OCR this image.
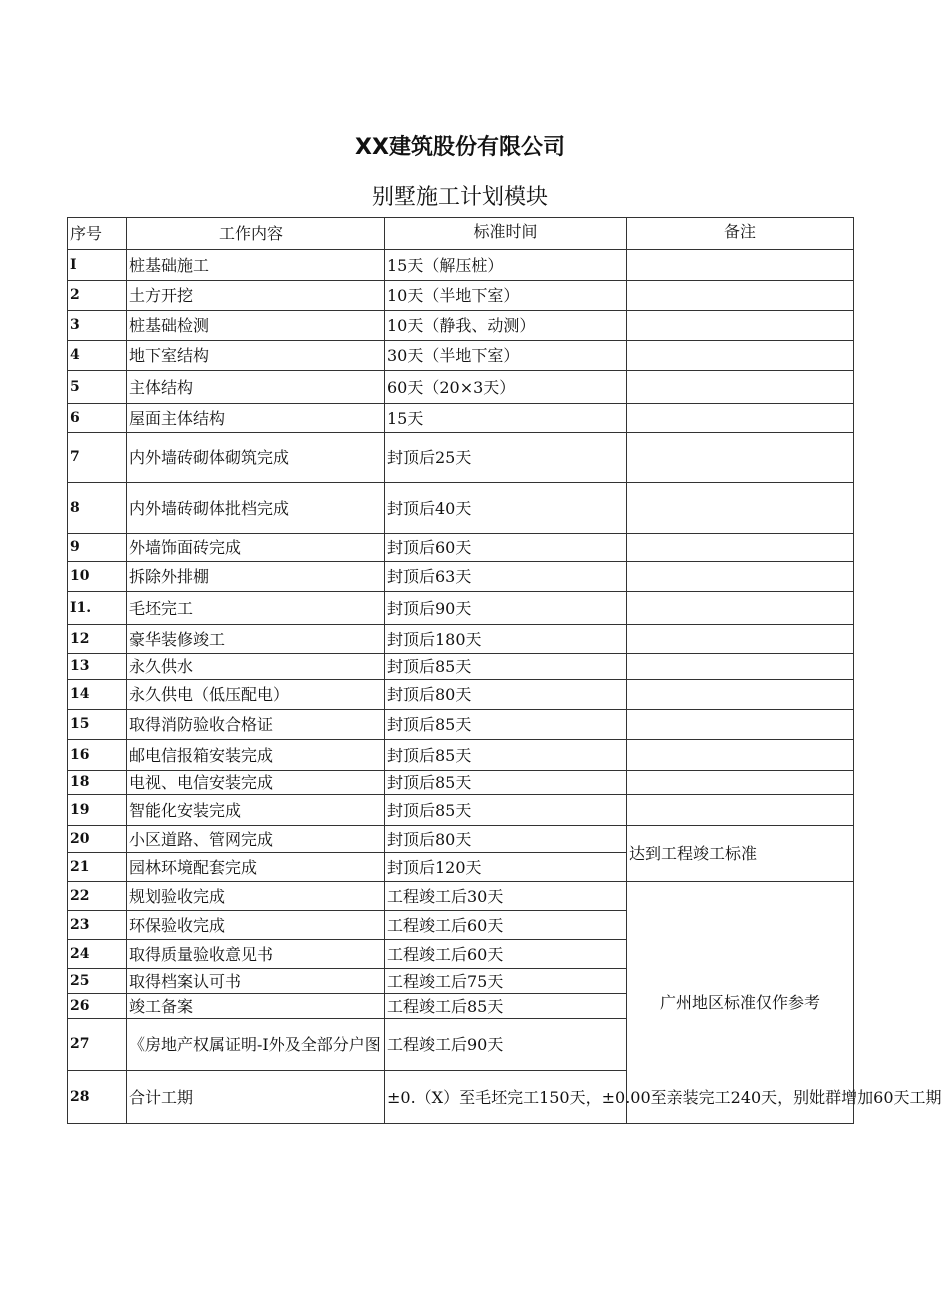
XX建筑股份有限公司
别墅施工计划模块
序号	工作内容	标准时间	备注
I	桩基础施工	15天（解压桩）	
2	土方开挖	10天（半地下室）	
3	桩基础检测	10天（静我、动测）	
4	地下室结构	30天（半地下室）	
5	主体结构	60天（20×3天）	
6	屋面主体结构	15天	
7	内外墙砖砌体砌筑完成	封顶后25天	
8	内外墙砖砌体批档完成	封顶后40天	
9	外墙饰面砖完成	封顶后60天	
10	拆除外排棚	封顶后63天	
I1.	毛坯完工	封顶后90天	
12	豪华装修竣工	封顶后180天	
13	永久供水	封顶后85天	
14	永久供电（低压配电）	封顶后80天	
15	取得消防验收合格证	封顶后85天	
16	邮电信报箱安装完成	封顶后85天	
18	电视、电信安装完成	封顶后85天	
19	智能化安装完成	封顶后85天	
20	小区道路、管网完成	封顶后80天	达到工程竣工标准
21	园林环境配套完成	封顶后120天	
22	规划验收完成	工程竣工后30天	广州地区标准仅作参考
23	环保验收完成	工程竣工后60天	
24	取得质量验收意见书	工程竣工后60天	
25	取得档案认可书	工程竣工后75天	
26	竣工备案	工程竣工后85天	
27	《房地产权属证明-I外及全部分户图	工程竣工后90天	
28	合计工期	±0.（X）至毛坯完工150天，±0.00至亲装完工240天，别妣群增加60天工期	
